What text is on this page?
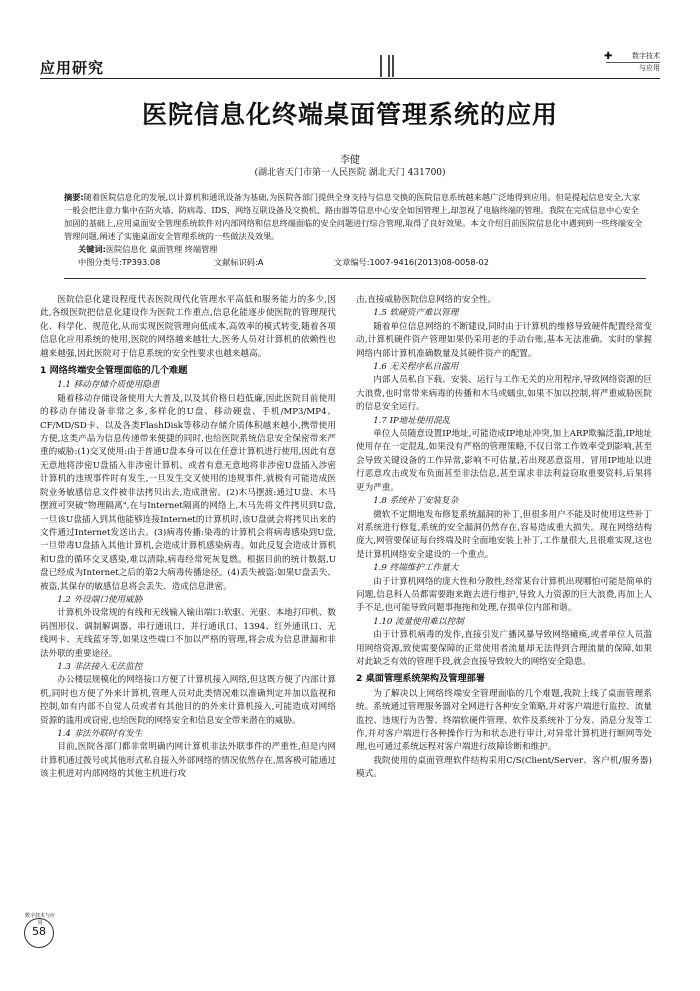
应用研究
✚	数字技术
与应用
医院信息化终端桌面管理系统的应用
李健
(湖北省天门市第一人民医院 湖北天门 431700)
摘要:随着医院信息化的发展,以计算机和通讯设备为基础,为医院各部门提供全身支持与信息交换的医院信息系统越来越广泛地得到应用。但是提起信息安全,大家一般会把注意力集中在防火墙、防病毒、IDS、网络互联设备及交换机、路由器等信息中心安全如国管理上,却忽视了电脑终端的管理。我院在完成信息中心安全加固的基础上,应用桌面安全管理系统软件对内部网络和信息终端面临的安全问题进行综合管理,取得了良好效果。本文介绍目前医院信息化中遇到到一些终端安全管理问题,阐述了实施桌面安全管理系统的一些做法及效果。
关键词:医院信息化 桌面管理 终端管理
中图分类号:TP393.08	文献标识码:A	文章编号:1007-9416(2013)08-0058-02

医院信息化建设程度代表医院现代化管理水平高低和服务能力的多少,因此,各级医院把信息化建设作为医院工作重点,信息化能逐步使医院的管理现代化、科学化、规范化,从而实现医院管理向低成本,高效率的模式转变,随着各项信息化应用系统的使用,医院的网络越来越壮大,医务人员对计算机的依赖性也越来越强,因此医院对于信息系统的安全性要求也越来越高。

1 网络终端安全管理面临的几个难题
1.1 移动存储介质使用隐患

随着移动存储设备使用大大普及,以及其价格日趋低廉,因此医院目前使用的移动存储设备非常之多,多样化的U盘、移动硬盘、手机/MP3/MP4、CF/MD/SD卡、以及各类FlashDisk等移动存储介质体积越来越小,携带使用方便,这类产品为信息传递带来便捷的同时,也给医院系统信息安全保密带来严重的威胁:(1)交叉使用:由于普通U盘本身可以在任意计算机进行使用,因此有意无意地将涉密U盘插入非涉密计算机、或者有意无意地将非涉密U盘插入涉密计算机的违规事件时有发生,一旦发生交叉使用的违规事件,就极有可能造成医院业务敏感信息文件被非法拷贝出去,造成泄密。(2)木马摆渡:通过U盘、木马摆渡可突破"物理隔离",在与Internet隔离的网络上,木马先将文件拷贝到U盘,一旦该U盘插入到其他能够连接Internet的计算机时,该U盘就会将拷贝出来的文件通过Internet发送出去。(3)病毒传播:染毒的计算机会将病毒感染到U盘,一旦带毒U盘插入其他计算机,会造成计算机感染病毒。如此反复会造成计算机和U盘的循环交叉感染,难以清除,病毒经常死灰复燃。根据目前的统计数据,U盘已经成为Internet之后的第2大病毒传播途径。(4)丢失被盗:如果U盘丢失、被盗,其保存的敏感信息将会丢失、造成信息泄密。

1.2 外设端口使用威胁

计算机外设常规的有线和无线输入输出端口:软驱、光驱、本地打印机、数码图形仪、调制解调器、串行通讯口、并行通讯口、1394、红外通讯口、无线网卡、无线蓝牙等,如果这些端口不加以严格的管理,将会成为信息泄漏和非法外联的重要途径。

1.3 非法接入无法监控

办公楼层规模化的网络接口方便了计算机接入网络,但这既方便了内部计算机,同时也方便了外来计算机,管理人员对此类情况难以准确判定并加以监视和控制,如有内部不自觉人员或者有其他目的的外来计算机接入,可能造成对网络资源的滥用或窃密,也给医院的网络安全和信息安全带来潜在的威胁。

1.4 非法外联时有发生

目前,医院各部门都非常明确内网计算机非法外联事件的严重性,但是内网计算机通过拨号或其他形式私自接入外部网络的情况依然存在,黑客极可能通过该主机进对内部网络的其他主机进行攻

击,直接威胁医院信息网络的安全性。

1.5 软硬资产难以管理

随着单位信息网络的不断建设,同时由于计算机的维修导致硬件配置经常变动,计算机硬件资产管理如果仍采用老的手动台账,基本无法准确、实时的掌握网络内部计算机准确数量及其硬件资产的配置。

1.6 无关程序私自滥用

内部人员私自下载、安装、运行与工作无关的应用程序,导致网络资源的巨大浪费,也时常带来病毒的传播和木马或蠕虫,如果不加以控制,将严重威胁医院的信息安全运行。

1.7 IP地址使用混乱

单位人员随意设置IP地址,可能造成IP地址冲突,加上ARP欺骗泛滥,IP地址使用存在一定混乱,如果没有严格的管理策略,不仅日常工作效率受到影响,甚至会导致关键设备的工作异常,影响不可估量,若出现恶意盗用、冒用IP地址以进行恶意攻击或发布负面甚至非法信息,甚至谋求非法利益窃取重要资料,后果将更为严重。

1.8 系统补丁安装复杂

微软不定期地发布修复系统漏洞的补丁,但很多用户不能及时使用这些补丁对系统进行修复,系统的安全漏洞仍然存在,容易造成重大损失。现在网络结构庞大,网管要保证每台终端及时全面地安装上补丁,工作量很大,且很难实现,这也是计算机网络安全建设的一个重点。

1.9 终端维护工作量大

由于计算机网络的庞大性和分散性,经常某台计算机出现哪怕可能是简单的问题,信息科人员都需要跑来跑去进行维护,导致人力资源的巨大浪费,再加上人手不足,也可能导致问题事拖拖和处理,存损单位内部和谐。

1.10 流量使用难以控制

由于计算机病毒的发作,直接引发广播风暴导致网络瘫痪,或者单位人员滥用网络资源,致使需要保障的正常使用者流量却无法得到合理流量的保障,如果对此缺乏有效的管理手段,就会直接导致较大的网络安全隐患。

2 桌面管理系统架构及管理部署

为了解决以上网络终端安全管理面临的几个难题,我院上线了桌面管理系统。系统通过管理服务器对全网进行各种安全策略,并对客户端进行监控、流量监控、违规行为告警、终端软硬件管理、软件及系统补丁分发、消息分发等工作,并对客户端进行各种操作行为和状态进行审计,对异常计算机进行断网等处理,也可通过系统远程对客户端进行故障诊断和维护。

我院使用的桌面管理软件结构采用C/S(Client/Server、客户机/服务器)模式。

数字技术与应用
58
